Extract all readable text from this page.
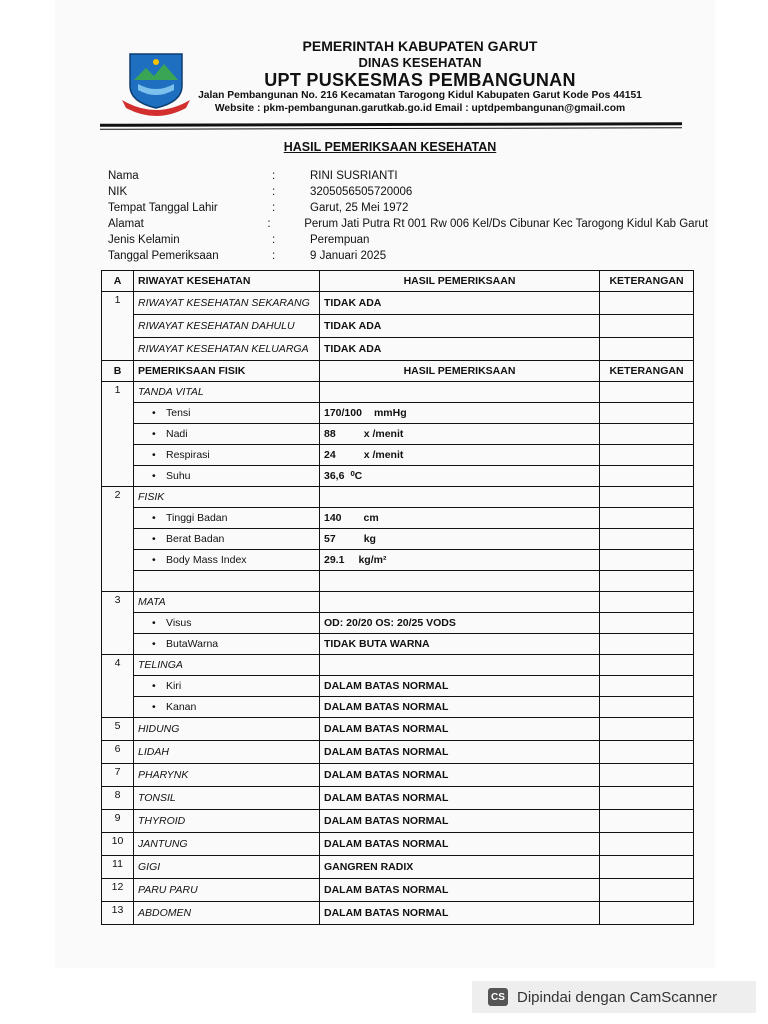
PEMERINTAH KABUPATEN GARUT
DINAS KESEHATAN
UPT PUSKESMAS PEMBANGUNAN
Jalan Pembangunan No. 216 Kecamatan Tarogong Kidul Kabupaten Garut Kode Pos 44151
Website : pkm-pembangunan.garutkab.go.id Email : uptdpembangunan@gmail.com
HASIL PEMERIKSAAN KESEHATAN
Nama	:	RINI SUSRIANTI
NIK	:	3205056505720006
Tempat Tanggal Lahir	:	Garut, 25 Mei 1972
Alamat	:	Perum Jati Putra Rt 001 Rw 006 Kel/Ds Cibunar Kec Tarogong Kidul Kab Garut
Jenis Kelamin	:	Perempuan
Tanggal Pemeriksaan	:	9 Januari 2025
A	RIWAYAT KESEHATAN	HASIL PEMERIKSAAN	KETERANGAN
1	RIWAYAT KESEHATAN SEKARANG	TIDAK ADA	
	RIWAYAT KESEHATAN DAHULU	TIDAK ADA	
	RIWAYAT KESEHATAN KELUARGA	TIDAK ADA	
B	PEMERIKSAAN FISIK	HASIL PEMERIKSAAN	KETERANGAN
1	TANDA VITAL		
	• Tensi	170/100 mmHg	
	• Nadi	88 x /menit	
	• Respirasi	24 x /menit	
	• Suhu	36,6 ⁰C	
2	FISIK		
	• Tinggi Badan	140 cm	
	• Berat Badan	57 kg	
	• Body Mass Index	29.1 kg/m²	

3	MATA		
	• Visus	OD: 20/20 OS: 20/25 VODS	
	• ButaWarna	TIDAK BUTA WARNA	
4	TELINGA		
	• Kiri	DALAM BATAS NORMAL	
	• Kanan	DALAM BATAS NORMAL	
5	HIDUNG	DALAM BATAS NORMAL	
6	LIDAH	DALAM BATAS NORMAL	
7	PHARYNK	DALAM BATAS NORMAL	
8	TONSIL	DALAM BATAS NORMAL	
9	THYROID	DALAM BATAS NORMAL	
10	JANTUNG	DALAM BATAS NORMAL	
11	GIGI	GANGREN RADIX	
12	PARU PARU	DALAM BATAS NORMAL	
13	ABDOMEN	DALAM BATAS NORMAL	
CS Dipindai dengan CamScanner
